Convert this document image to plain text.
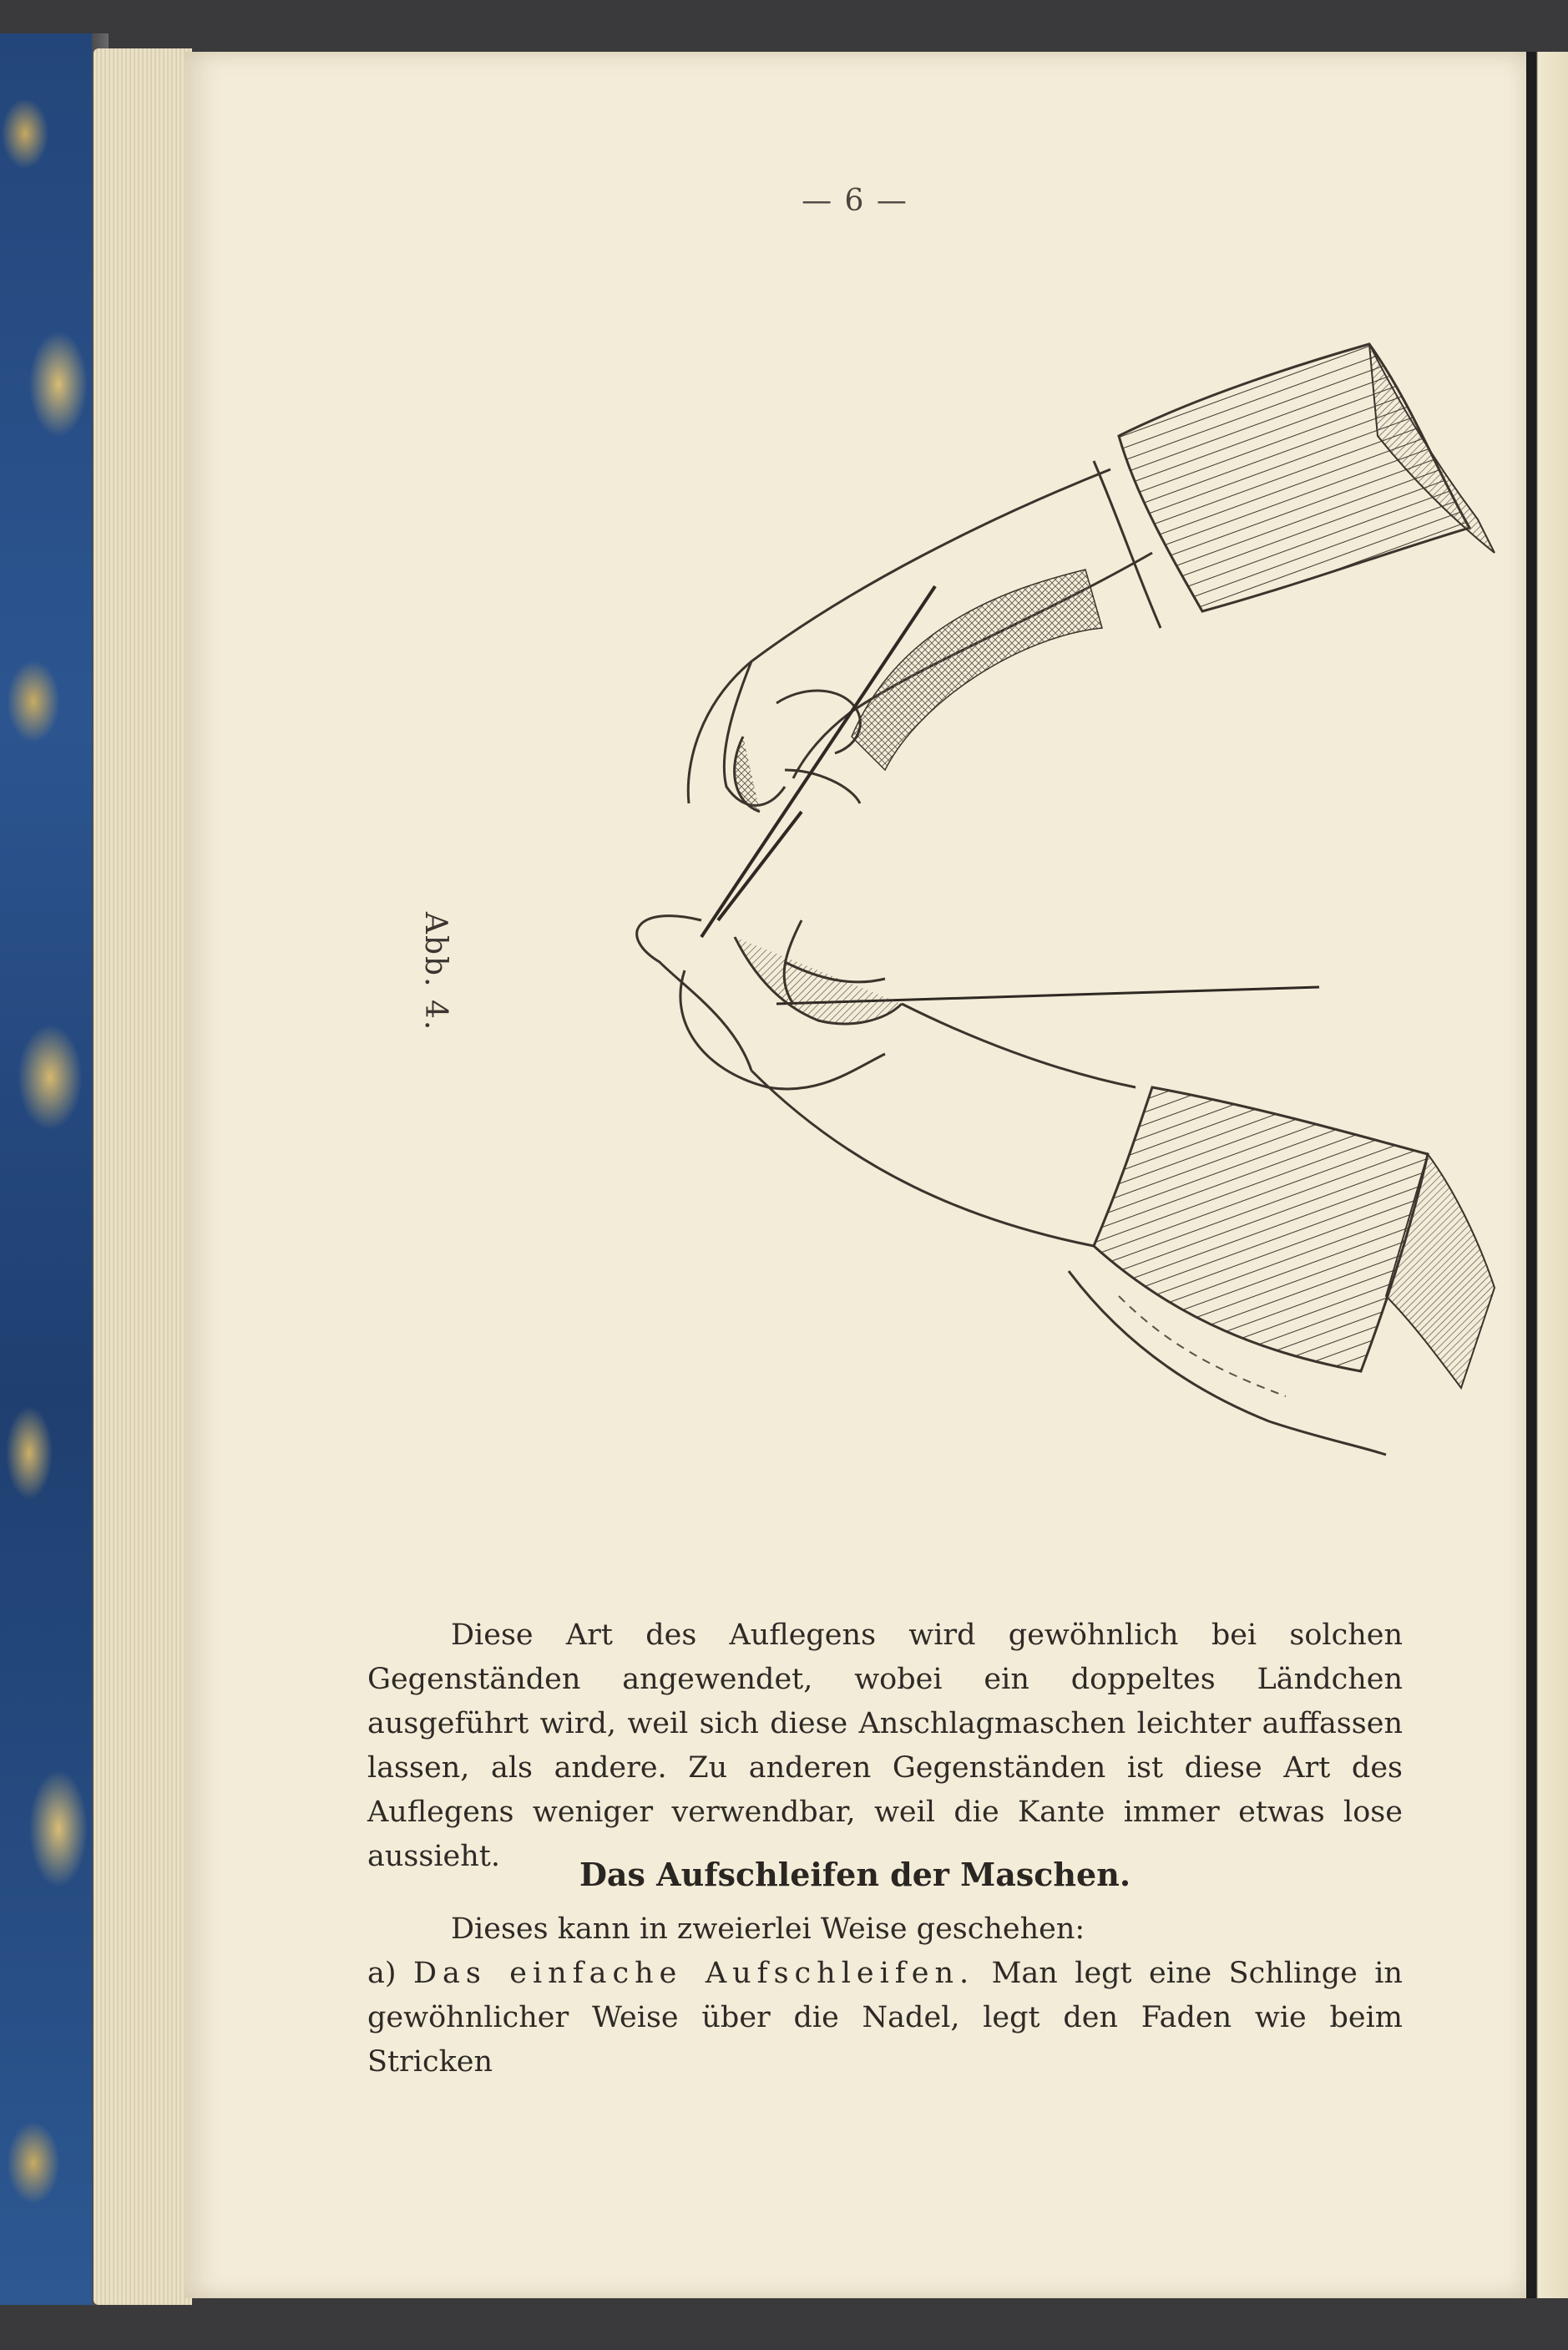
— 6 —
Abb. 4.

Diese Art des Auflegens wird gewöhnlich bei solchen Gegenständen angewendet, wobei ein doppeltes Ländchen ausgeführt wird, weil sich diese Anschlagmaschen leichter auffassen lassen, als andere. Zu anderen Gegenständen ist diese Art des Auflegens weniger verwendbar, weil die Kante immer etwas lose aussieht.	Das Aufschleifen der Maschen.

Dieses kann in zweierlei Weise geschehen:
a) Das einfache Aufschleifen. Man legt eine Schlinge in gewöhnlicher Weise über die Nadel, legt den Faden wie beim Stricken
